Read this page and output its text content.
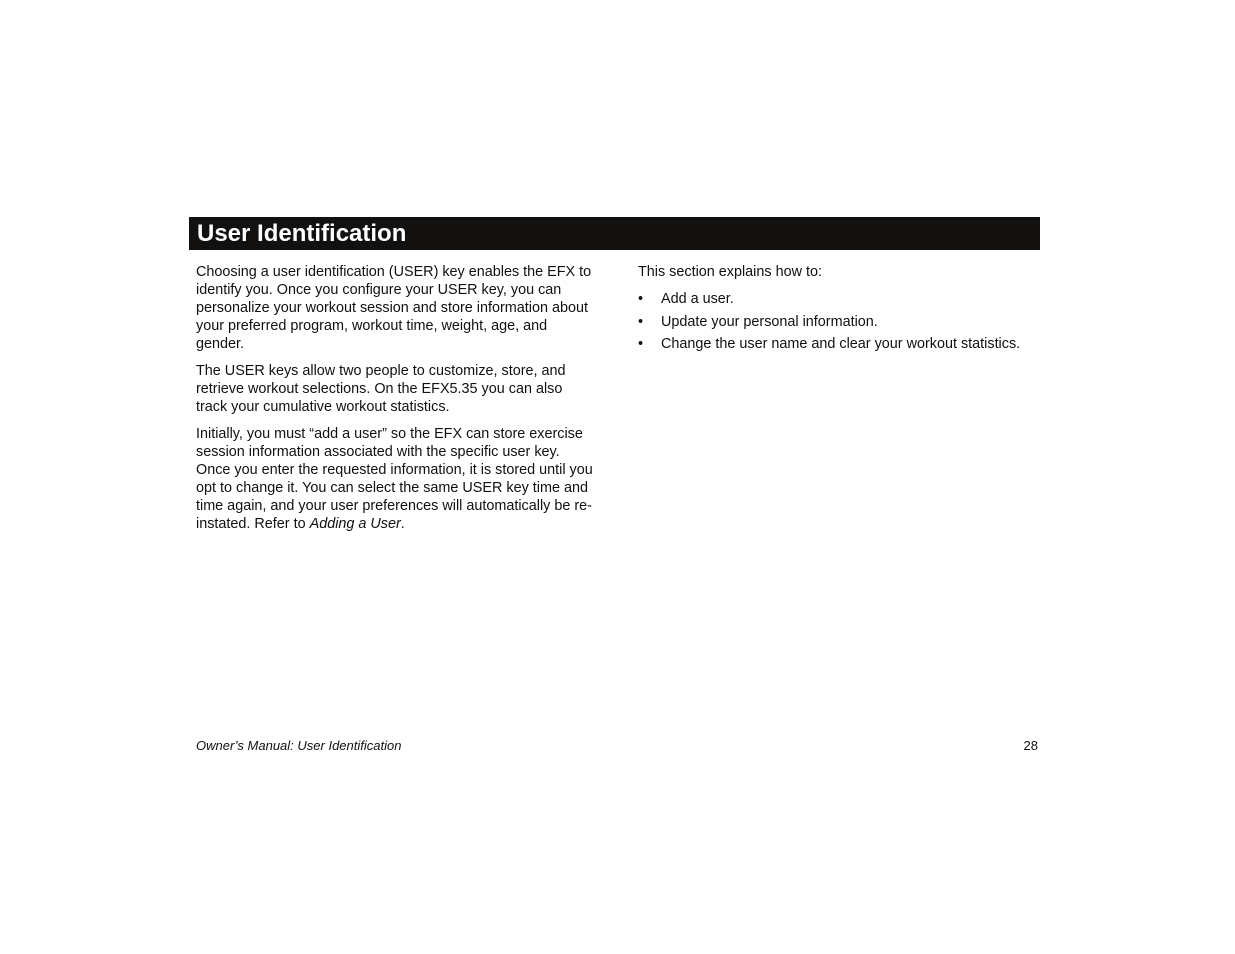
User Identification

Choosing a user identification (USER) key enables the EFX to identify you. Once you configure your USER key, you can personalize your workout session and store information about your preferred program, workout time, weight, age, and gender.

The USER keys allow two people to customize, store, and retrieve workout selections. On the EFX5.35 you can also track your cumulative workout statistics.

Initially, you must “add a user” so the EFX can store exercise session information associated with the specific user key. Once you enter the requested information, it is stored until you opt to change it. You can select the same USER key time and time again, and your user preferences will automatically be re-instated. Refer to Adding a User.

This section explains how to:

• Add a user.
• Update your personal information.
• Change the user name and clear your workout statistics.
Owner’s Manual: User Identification	28
